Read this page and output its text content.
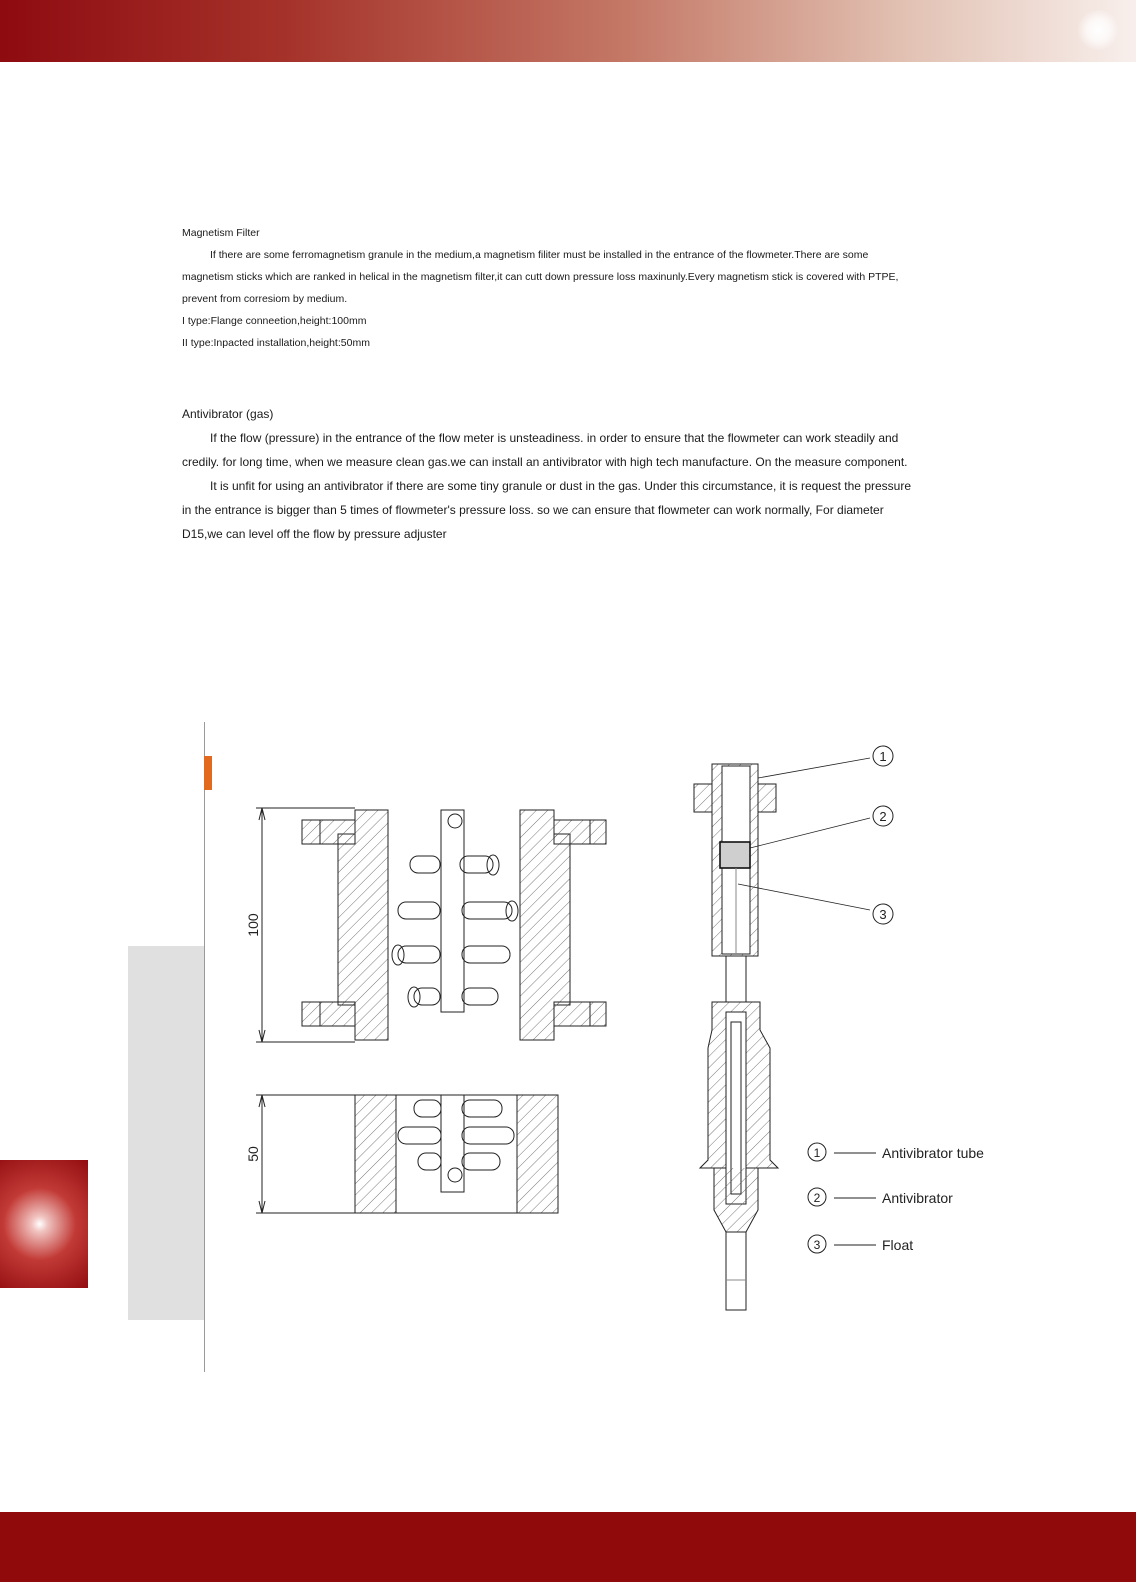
Magnetism Filter

If there are some ferromagnetism granule in the medium,a magnetism filiter must be installed in the entrance of the flowmeter.There are some magnetism sticks which are ranked in helical in the magnetism filter,it can cutt down pressure loss maxinunly.Every magnetism stick is covered with PTPE, prevent from corresiom by medium.

I type:Flange conneetion,height:100mm

II type:Inpacted installation,height:50mm

Antivibrator (gas)

If the flow (pressure) in the entrance of the flow meter is unsteadiness. in order to ensure that the flowmeter can work steadily and credily. for long time, when we measure clean gas.we can install an antivibrator with high tech manufacture. On the measure component.

It is unfit for using an antivibrator if there are some tiny granule or dust in the gas. Under this circumstance, it is request the pressure in the entrance is bigger than 5 times of flowmeter's pressure loss. so we can ensure that flowmeter can work normally, For diameter D15,we can level off the flow by pressure adjuster

100
50
1
2
3
1	Antivibrator tube
2	Antivibrator
3	Float
